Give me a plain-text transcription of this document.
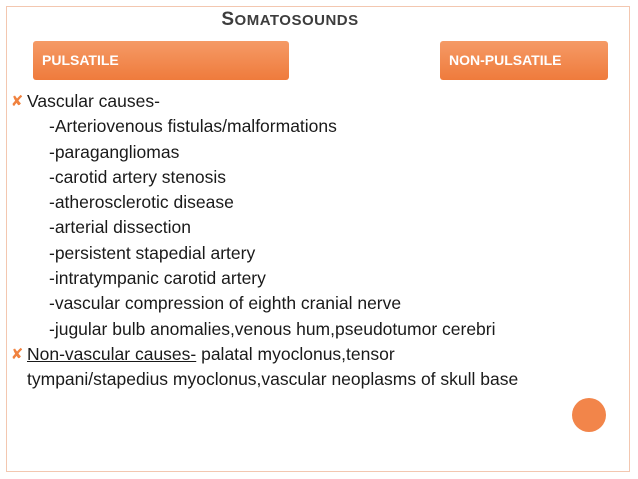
SOMATOSOUNDS
PULSATILE	NON-PULSATILE
✘ Vascular causes-
-Arteriovenous fistulas/malformations
-paragangliomas
-carotid artery stenosis
-atherosclerotic disease
-arterial dissection
-persistent stapedial artery
-intratympanic carotid artery
-vascular compression of eighth cranial nerve
-jugular bulb anomalies,venous hum,pseudotumor cerebri
✘ Non-vascular causes- palatal myoclonus,tensor
tympani/stapedius myoclonus,vascular neoplasms of skull base
